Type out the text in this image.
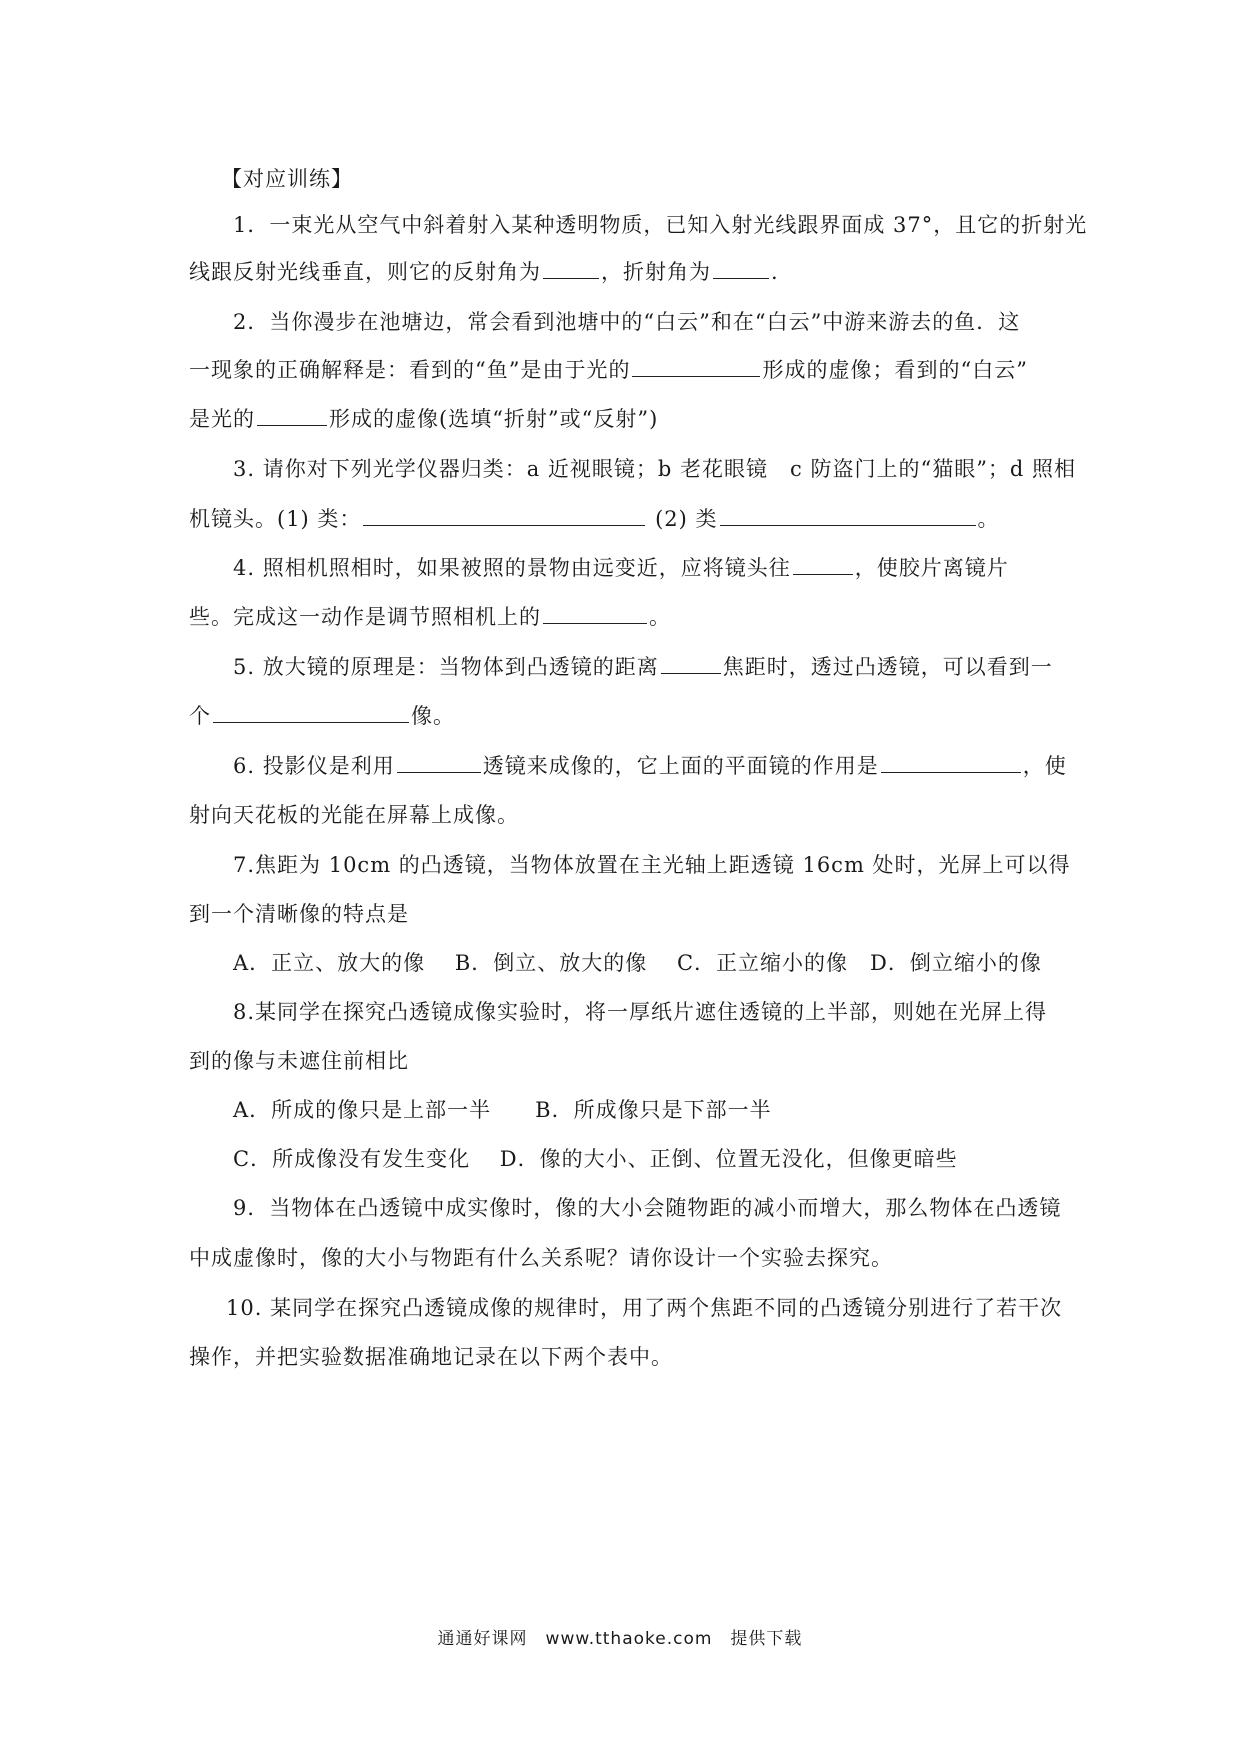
【对应训练】
1．一束光从空气中斜着射入某种透明物质，已知入射光线跟界面成 37°，且它的折射光
线跟反射光线垂直，则它的反射角为	，折射角为	.
2．当你漫步在池塘边，常会看到池塘中的“白云”和在“白云”中游来游去的鱼．这
一现象的正确解释是：看到的“鱼”是由于光的	形成的虚像；看到的“白云”
是光的	形成的虚像(选填“折射”或“反射”)
3. 请你对下列光学仪器归类：a 近视眼镜；b 老花眼镜　c 防盗门上的“猫眼”；d 照相
机镜头。(1) 类：	(2) 类	。
4. 照相机照相时，如果被照的景物由远变近，应将镜头往	，使胶片离镜片
些。完成这一动作是调节照相机上的	。
5. 放大镜的原理是：当物体到凸透镜的距离	焦距时，透过凸透镜，可以看到一
个	像。
6. 投影仪是利用	透镜来成像的，它上面的平面镜的作用是	，使
射向天花板的光能在屏幕上成像。
7.焦距为 10cm 的凸透镜，当物体放置在主光轴上距透镜 16cm 处时，光屏上可以得
到一个清晰像的特点是
A．正立、放大的像　 B．倒立、放大的像　 C．正立缩小的像　D．倒立缩小的像
8.某同学在探究凸透镜成像实验时，将一厚纸片遮住透镜的上半部，则她在光屏上得
到的像与未遮住前相比
A．所成的像只是上部一半　　B．所成像只是下部一半
C．所成像没有发生变化　 D．像的大小、正倒、位置无没化，但像更暗些
9．当物体在凸透镜中成实像时，像的大小会随物距的减小而增大，那么物体在凸透镜
中成虚像时，像的大小与物距有什么关系呢？请你设计一个实验去探究。
10. 某同学在探究凸透镜成像的规律时，用了两个焦距不同的凸透镜分别进行了若干次
操作，并把实验数据准确地记录在以下两个表中。
通通好课网　www.tthaoke.com　提供下载
